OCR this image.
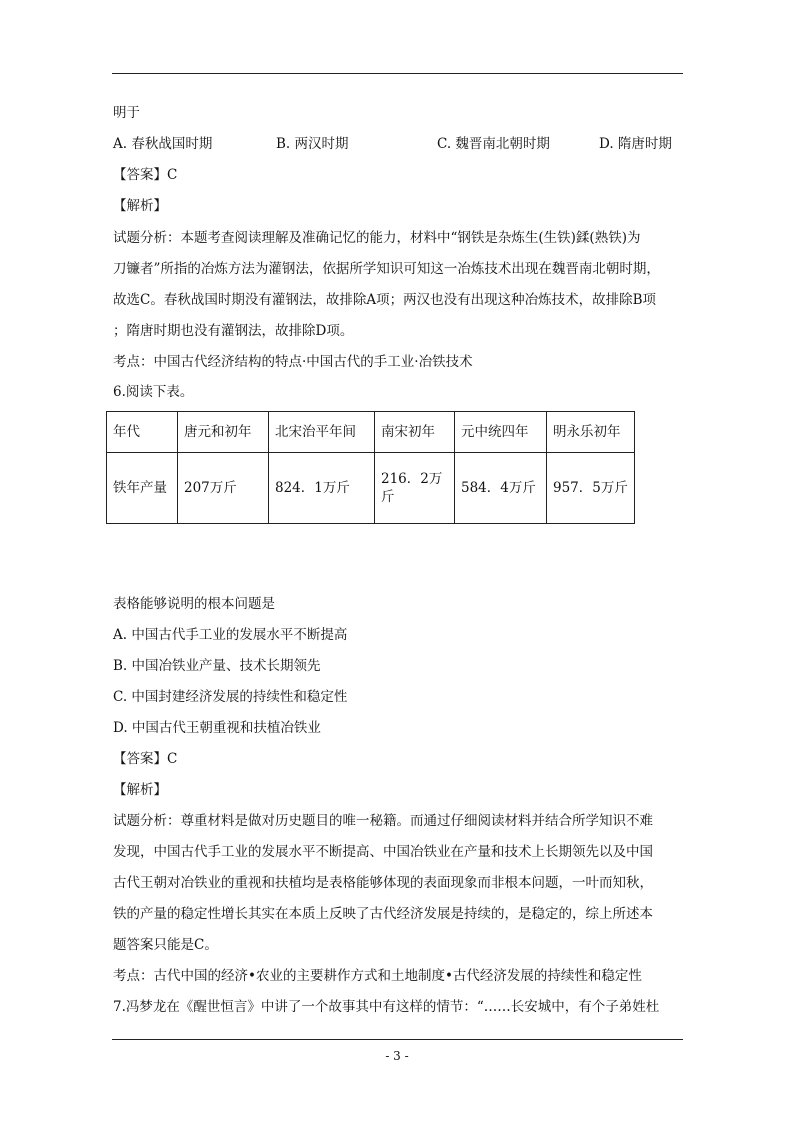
明于
A. 春秋战国时期	B. 两汉时期	C. 魏晋南北朝时期	D. 隋唐时期
【答案】C
【解析】
试题分析：本题考查阅读理解及准确记忆的能力，材料中“钢铁是杂炼生(生铁)鍒(熟铁)为
刀镰者”所指的冶炼方法为灌钢法，依据所学知识可知这一冶炼技术出现在魏晋南北朝时期，
故选C。春秋战国时期没有灌钢法，故排除A项；两汉也没有出现这种冶炼技术，故排除B项
；隋唐时期也没有灌钢法，故排除D项。
考点：中国古代经济结构的特点·中国古代的手工业·冶铁技术
6.阅读下表。
年代	唐元和初年	北宋治平年间	南宋初年	元中统四年	明永乐初年
铁年产量	207万斤	824．1万斤	216．2万斤	584．4万斤	957．5万斤
表格能够说明的根本问题是
A. 中国古代手工业的发展水平不断提高
B. 中国冶铁业产量、技术长期领先
C. 中国封建经济发展的持续性和稳定性
D. 中国古代王朝重视和扶植冶铁业
【答案】C
【解析】
试题分析：尊重材料是做对历史题目的唯一秘籍。而通过仔细阅读材料并结合所学知识不难
发现，中国古代手工业的发展水平不断提高、中国冶铁业在产量和技术上长期领先以及中国
古代王朝对冶铁业的重视和扶植均是表格能够体现的表面现象而非根本问题，一叶而知秋，
铁的产量的稳定性增长其实在本质上反映了古代经济发展是持续的，是稳定的，综上所述本
题答案只能是C。
考点：古代中国的经济•农业的主要耕作方式和土地制度•古代经济发展的持续性和稳定性
7.冯梦龙在《醒世恒言》中讲了一个故事其中有这样的情节：“……长安城中，有个子弟姓杜
- 3 -
